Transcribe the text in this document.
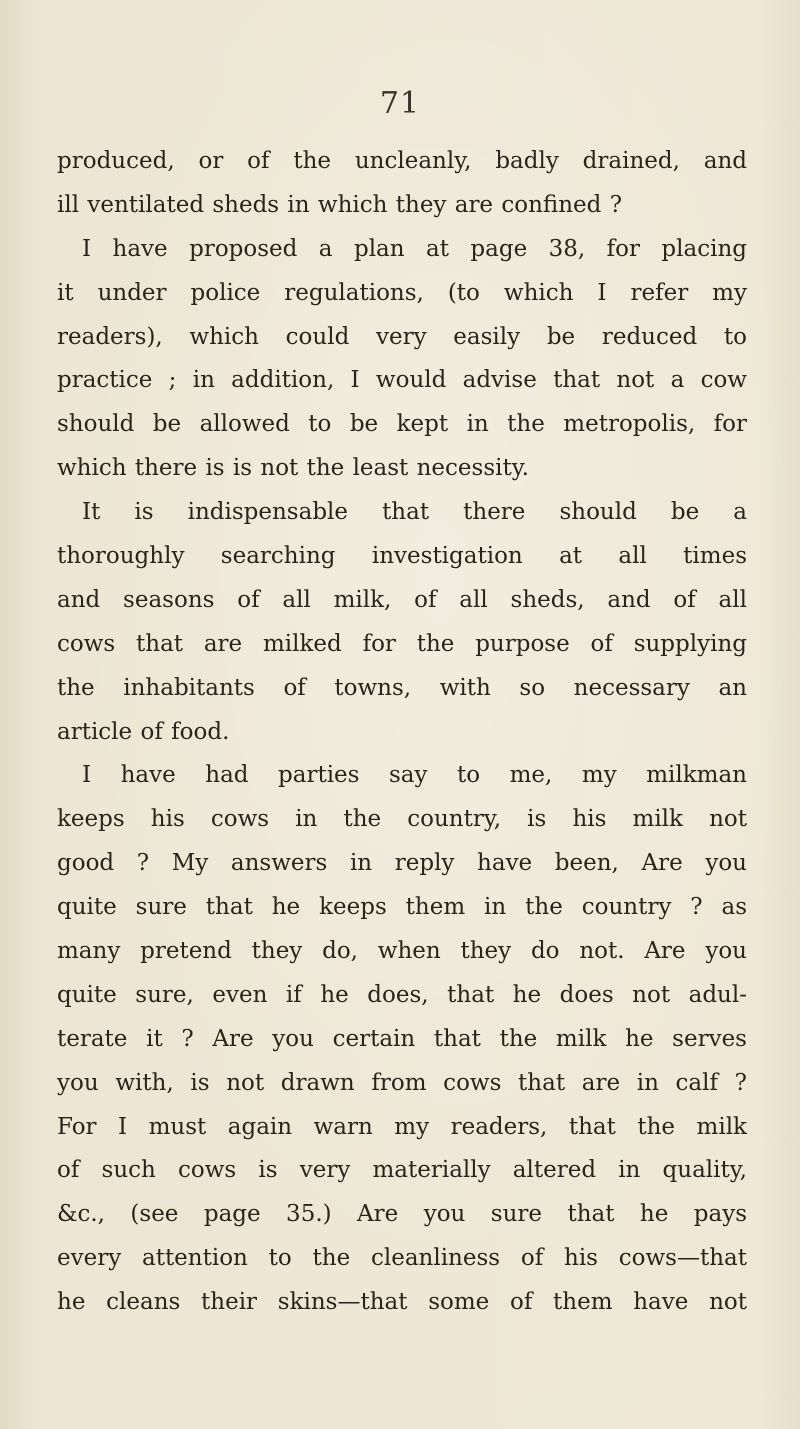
71
produced, or of the uncleanly, badly drained, and
ill ventilated sheds in which they are confined ?
I have proposed a plan at page 38, for placing
it under police regulations, (to which I refer my
readers), which could very easily be reduced to
practice ; in addition, I would advise that not a cow
should be allowed to be kept in the metropolis, for
which there is is not the least necessity.
It is indispensable that there should be a
thoroughly searching investigation at all times
and seasons of all milk, of all sheds, and of all
cows that are milked for the purpose of supplying
the inhabitants of towns, with so necessary an
article of food.
I have had parties say to me, my milkman
keeps his cows in the country, is his milk not
good ? My answers in reply have been, Are you
quite sure that he keeps them in the country ? as
many pretend they do, when they do not. Are you
quite sure, even if he does, that he does not adul-
terate it ? Are you certain that the milk he serves
you with, is not drawn from cows that are in calf ?
For I must again warn my readers, that the milk
of such cows is very materially altered in quality,
&c., (see page 35.) Are you sure that he pays
every attention to the cleanliness of his cows—that
he cleans their skins—that some of them have not
